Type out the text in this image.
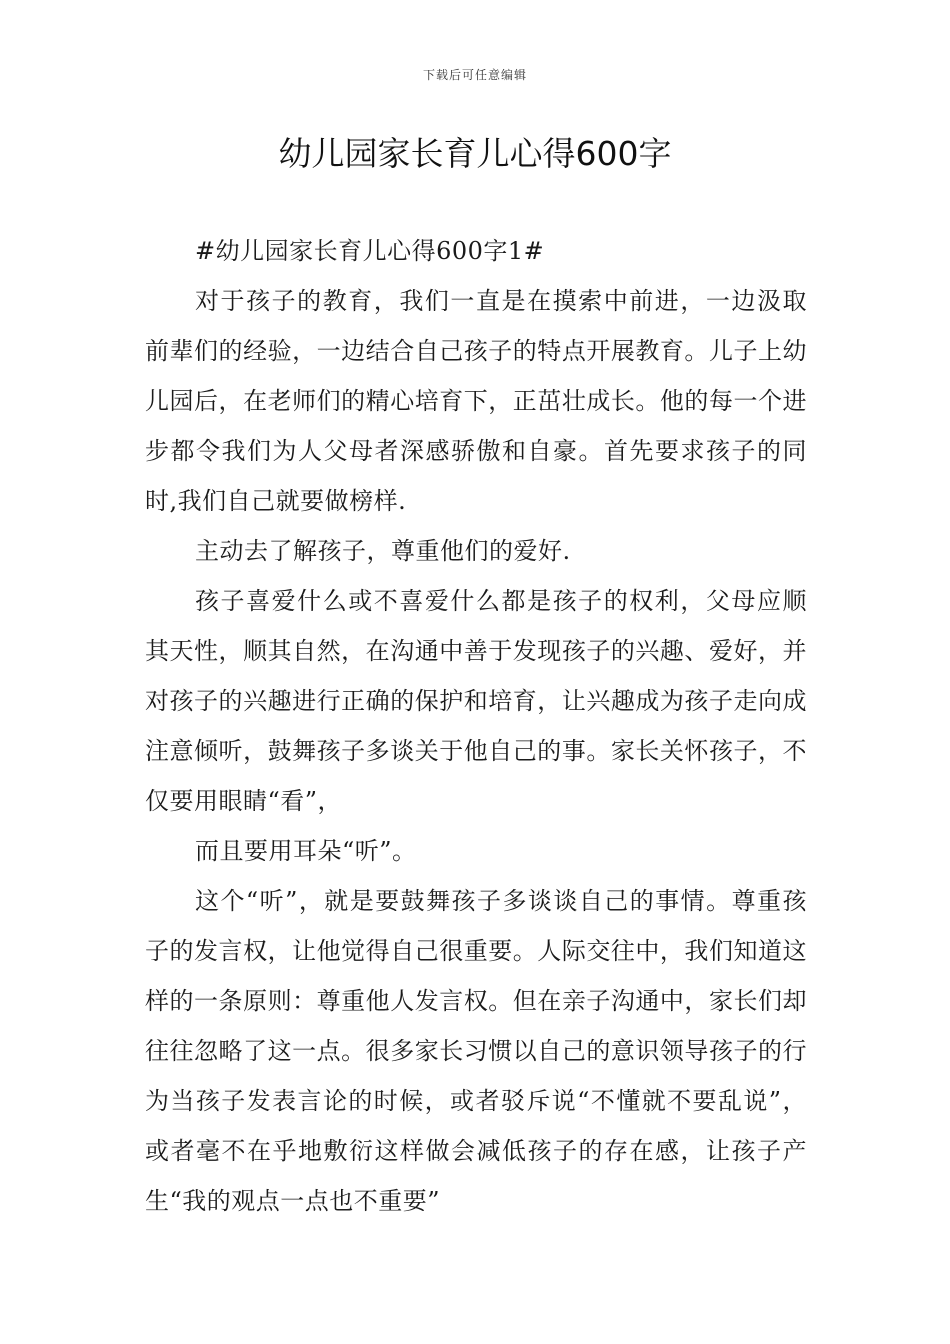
下载后可任意编辑
幼儿园家长育儿心得600字

#幼儿园家长育儿心得600字1#

对于孩子的教育，我们一直是在摸索中前进，一边汲取前辈们的经验，一边结合自己孩子的特点开展教育。儿子上幼儿园后，在老师们的精心培育下，正茁壮成长。他的每一个进步都令我们为人父母者深感骄傲和自豪。首先要求孩子的同时,我们自己就要做榜样.

主动去了解孩子，尊重他们的爱好.

孩子喜爱什么或不喜爱什么都是孩子的权利，父母应顺其天性，顺其自然，在沟通中善于发现孩子的兴趣、爱好，并对孩子的兴趣进行正确的保护和培育，让兴趣成为孩子走向成注意倾听，鼓舞孩子多谈关于他自己的事。家长关怀孩子，不仅要用眼睛“看”，

而且要用耳朵“听”。

这个“听”，就是要鼓舞孩子多谈谈自己的事情。尊重孩子的发言权，让他觉得自己很重要。人际交往中，我们知道这样的一条原则：尊重他人发言权。但在亲子沟通中，家长们却往往忽略了这一点。很多家长习惯以自己的意识领导孩子的行为当孩子发表言论的时候，或者驳斥说“不懂就不要乱说”，或者毫不在乎地敷衍这样做会减低孩子的存在感，让孩子产生“我的观点一点也不重要”
